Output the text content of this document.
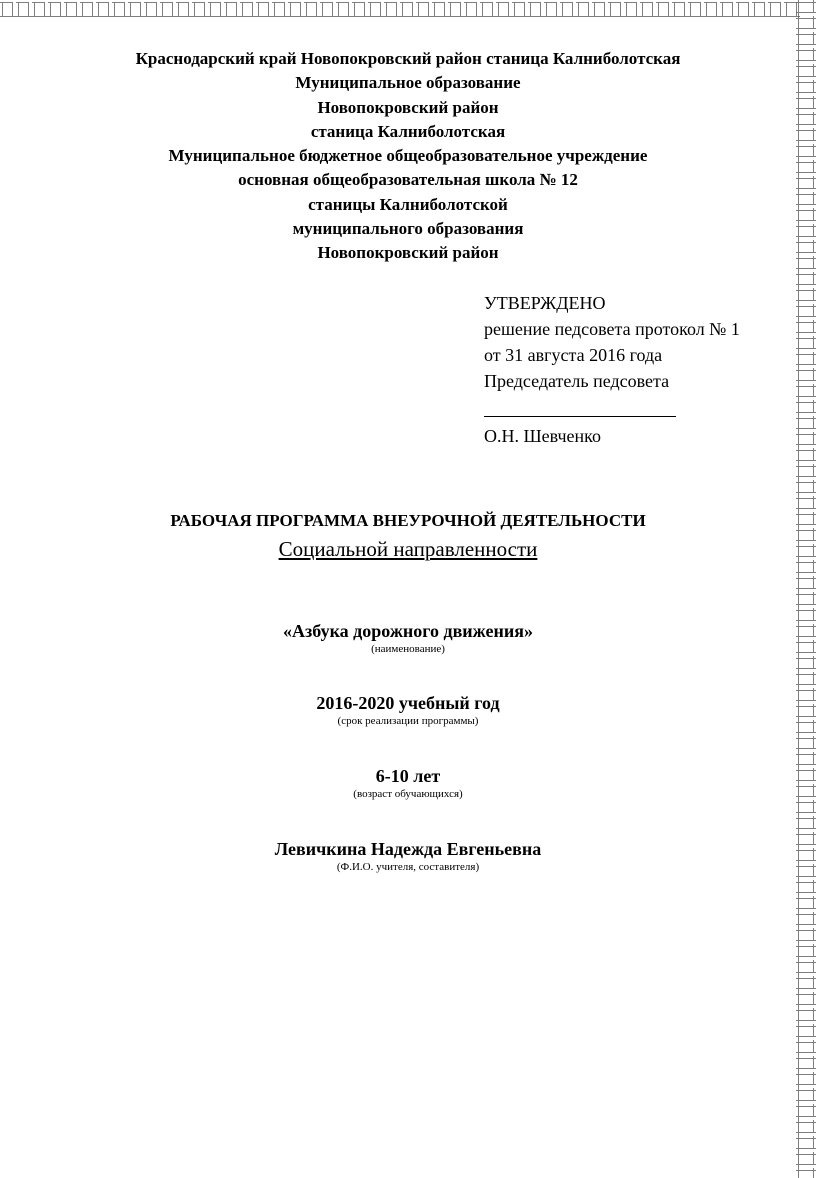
Краснодарский край Новопокровский район станица Калниболотская
Муниципальное образование
Новопокровский район
станица Калниболотская
Муниципальное бюджетное общеобразовательное учреждение
основная общеобразовательная школа № 12
станицы Калниболотской
муниципального образования
Новопокровский район
УТВЕРЖДЕНО
решение педсовета протокол № 1
от 31 августа 2016 года
Председатель педсовета
О.Н. Шевченко
РАБОЧАЯ ПРОГРАММА ВНЕУРОЧНОЙ ДЕЯТЕЛЬНОСТИ
Социальной направленности
«Азбука дорожного движения»
(наименование)
2016-2020 учебный год
(срок реализации программы)
6-10 лет
(возраст обучающихся)
Левичкина Надежда Евгеньевна
(Ф.И.О. учителя, составителя)
